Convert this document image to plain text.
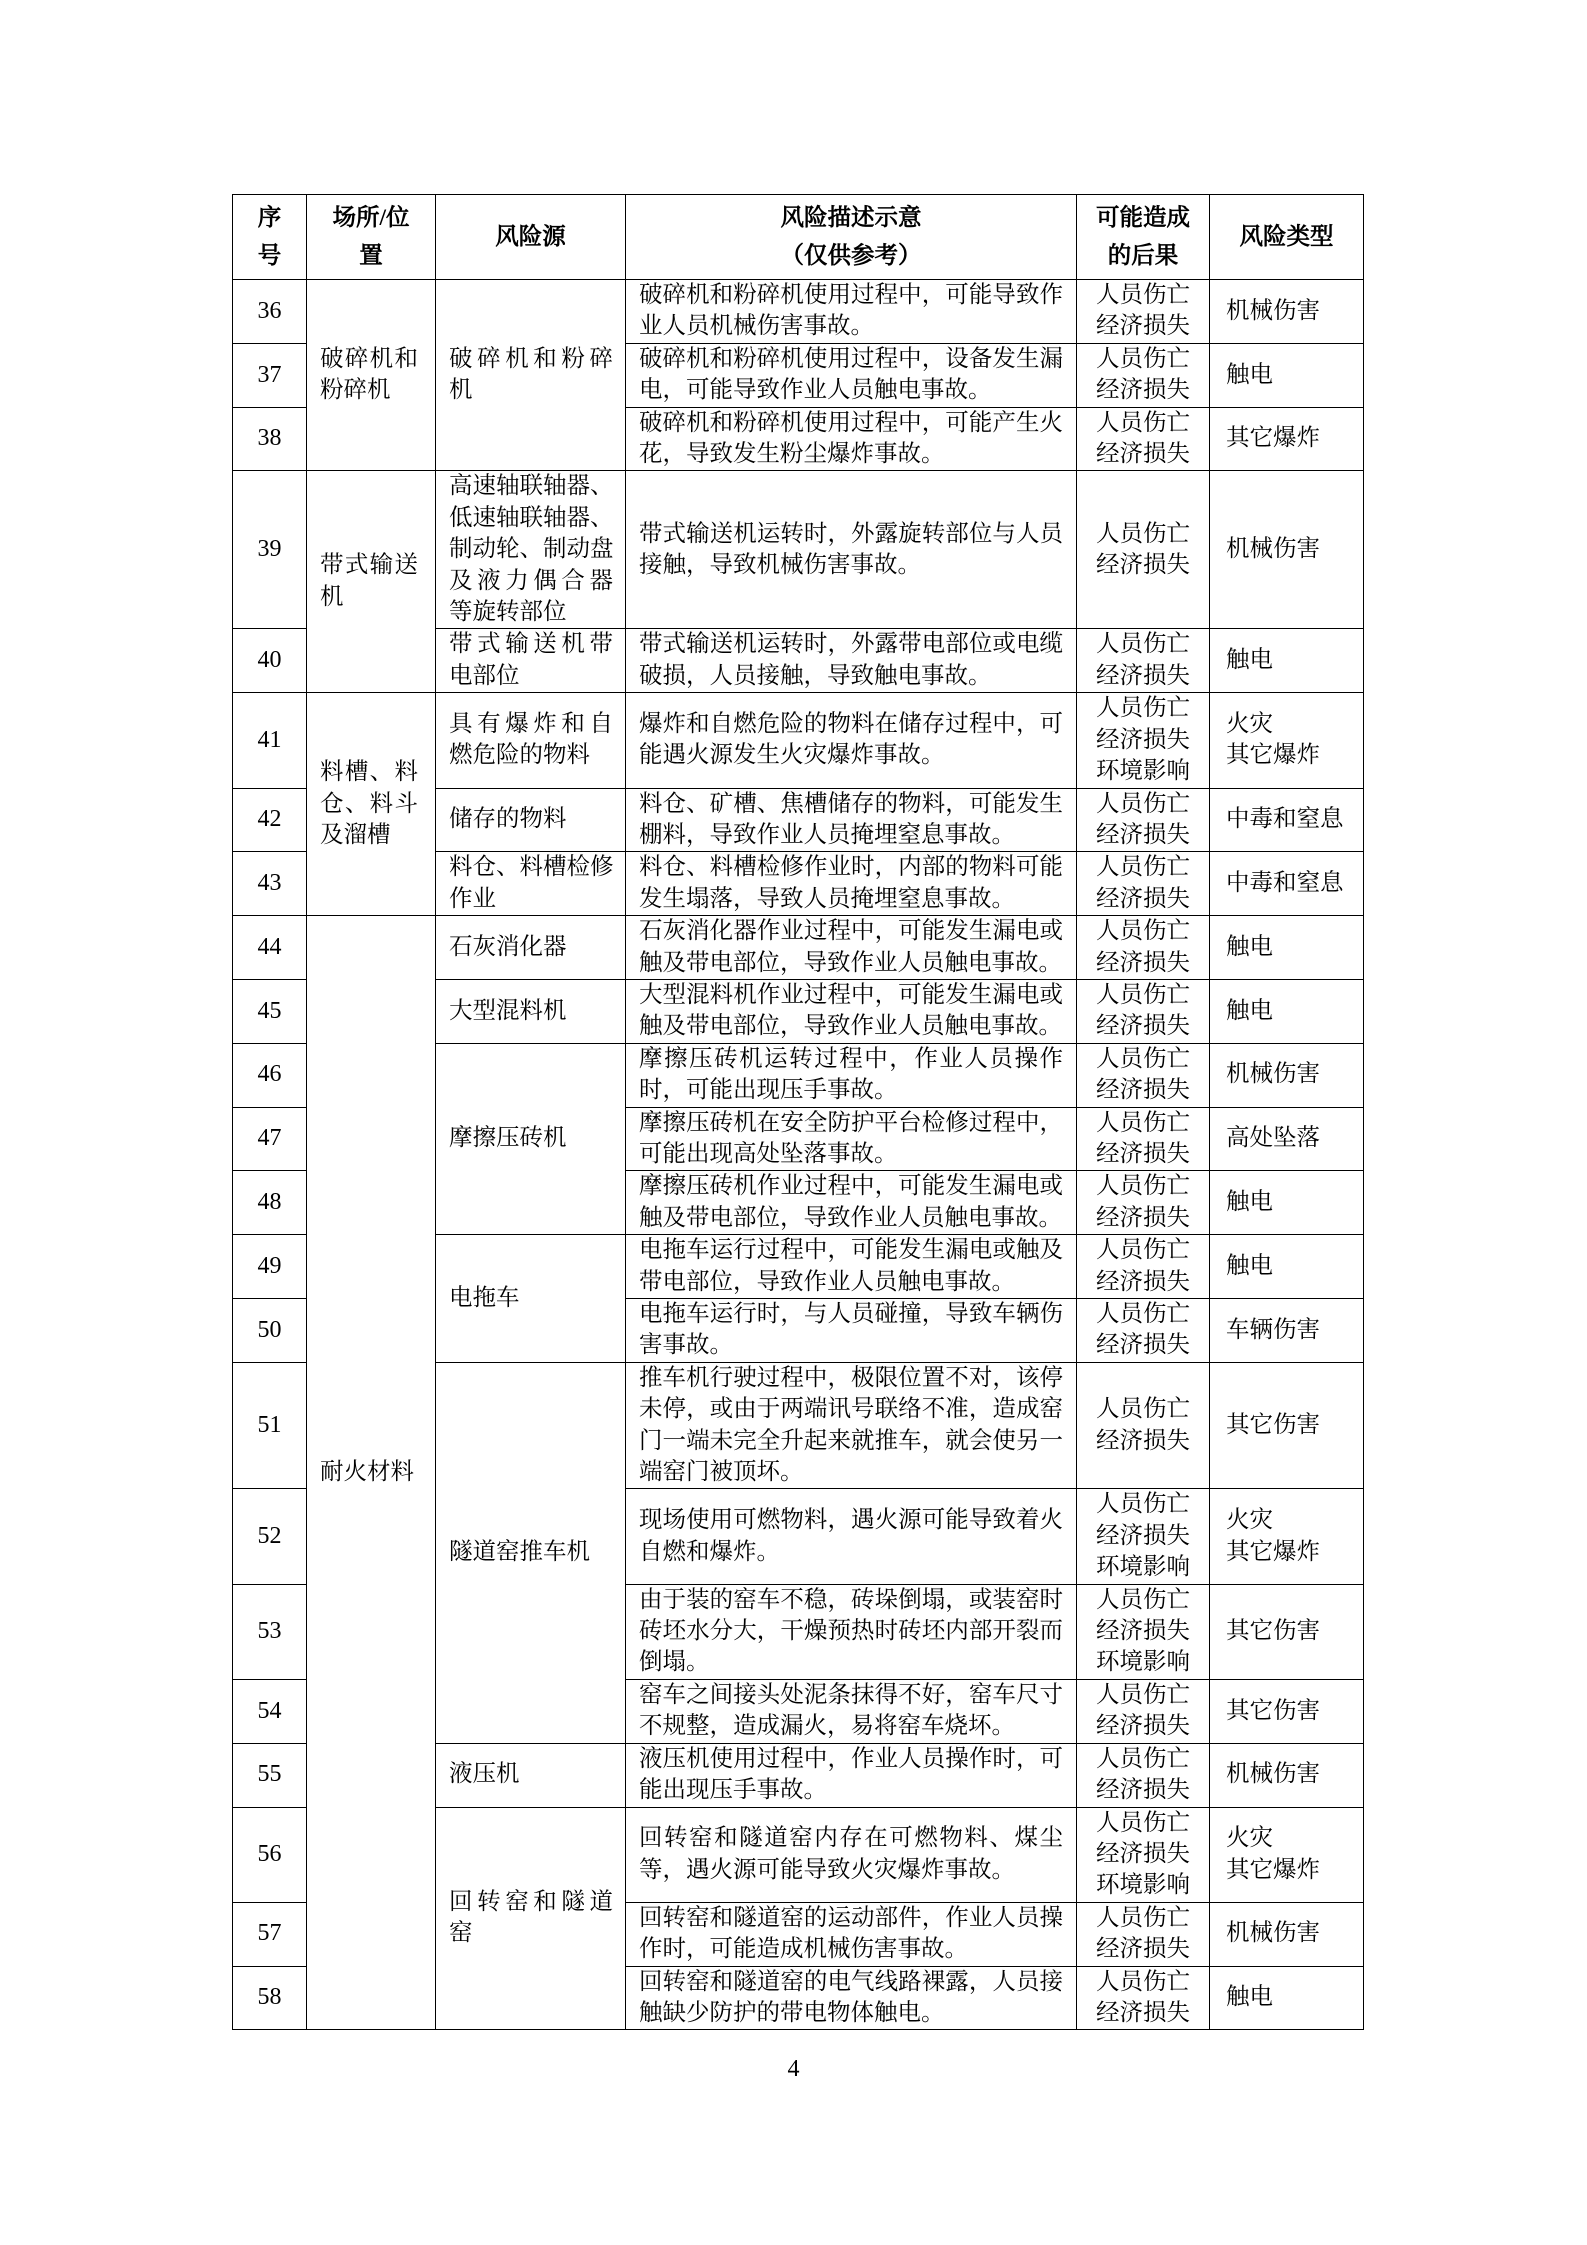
序
号	场所/位
置	风险源	风险描述示意
（仅供参考）	可能造成
的后果	风险类型

36	破碎机和
粉碎机	破碎机和粉碎
机	破碎机和粉碎机使用过程中，可能导致作
业人员机械伤害事故。	人员伤亡
经济损失	机械伤害

37			破碎机和粉碎机使用过程中，设备发生漏
电，可能导致作业人员触电事故。	人员伤亡
经济损失	触电

38			破碎机和粉碎机使用过程中，可能产生火
花，导致发生粉尘爆炸事故。	人员伤亡
经济损失	其它爆炸

39	带式输送
机	高速轴联轴器、
低速轴联轴器、
制动轮、制动盘
及液力偶合器
等旋转部位	带式输送机运转时，外露旋转部位与人员
接触，导致机械伤害事故。	人员伤亡
经济损失	机械伤害

40		带式输送机带
电部位	带式输送机运转时，外露带电部位或电缆
破损，人员接触，导致触电事故。	人员伤亡
经济损失	触电

41	料槽、料
仓、料斗
及溜槽	具有爆炸和自
燃危险的物料	爆炸和自燃危险的物料在储存过程中，可
能遇火源发生火灾爆炸事故。	人员伤亡
经济损失
环境影响	火灾
其它爆炸

42		储存的物料	料仓、矿槽、焦槽储存的物料，可能发生
棚料，导致作业人员掩埋窒息事故。	人员伤亡
经济损失	中毒和窒息

43		料仓、料槽检修
作业	料仓、料槽检修作业时，内部的物料可能
发生塌落，导致人员掩埋窒息事故。	人员伤亡
经济损失	中毒和窒息

44	耐火材料	石灰消化器	石灰消化器作业过程中，可能发生漏电或
触及带电部位，导致作业人员触电事故。	人员伤亡
经济损失	触电

45		大型混料机	大型混料机作业过程中，可能发生漏电或
触及带电部位，导致作业人员触电事故。	人员伤亡
经济损失	触电

46		摩擦压砖机	摩擦压砖机运转过程中，作业人员操作
时，可能出现压手事故。	人员伤亡
经济损失	机械伤害

47			摩擦压砖机在安全防护平台检修过程中，
可能出现高处坠落事故。	人员伤亡
经济损失	高处坠落

48			摩擦压砖机作业过程中，可能发生漏电或
触及带电部位，导致作业人员触电事故。	人员伤亡
经济损失	触电

49		电拖车	电拖车运行过程中，可能发生漏电或触及
带电部位，导致作业人员触电事故。	人员伤亡
经济损失	触电

50			电拖车运行时，与人员碰撞，导致车辆伤
害事故。	人员伤亡
经济损失	车辆伤害

51		隧道窑推车机	推车机行驶过程中，极限位置不对，该停
未停，或由于两端讯号联络不准，造成窑
门一端未完全升起来就推车，就会使另一
端窑门被顶坏。	人员伤亡
经济损失	其它伤害

52			现场使用可燃物料，遇火源可能导致着火
自燃和爆炸。	人员伤亡
经济损失
环境影响	火灾
其它爆炸

53			由于装的窑车不稳，砖垛倒塌，或装窑时
砖坯水分大，干燥预热时砖坯内部开裂而
倒塌。	人员伤亡
经济损失
环境影响	其它伤害

54			窑车之间接头处泥条抹得不好，窑车尺寸
不规整，造成漏火，易将窑车烧坏。	人员伤亡
经济损失	其它伤害

55		液压机	液压机使用过程中，作业人员操作时，可
能出现压手事故。	人员伤亡
经济损失	机械伤害

56		回转窑和隧道
窑	回转窑和隧道窑内存在可燃物料、煤尘
等，遇火源可能导致火灾爆炸事故。	人员伤亡
经济损失
环境影响	火灾
其它爆炸

57			回转窑和隧道窑的运动部件，作业人员操
作时，可能造成机械伤害事故。	人员伤亡
经济损失	机械伤害

58			回转窑和隧道窑的电气线路裸露，人员接
触缺少防护的带电物体触电。	人员伤亡
经济损失	触电
4
